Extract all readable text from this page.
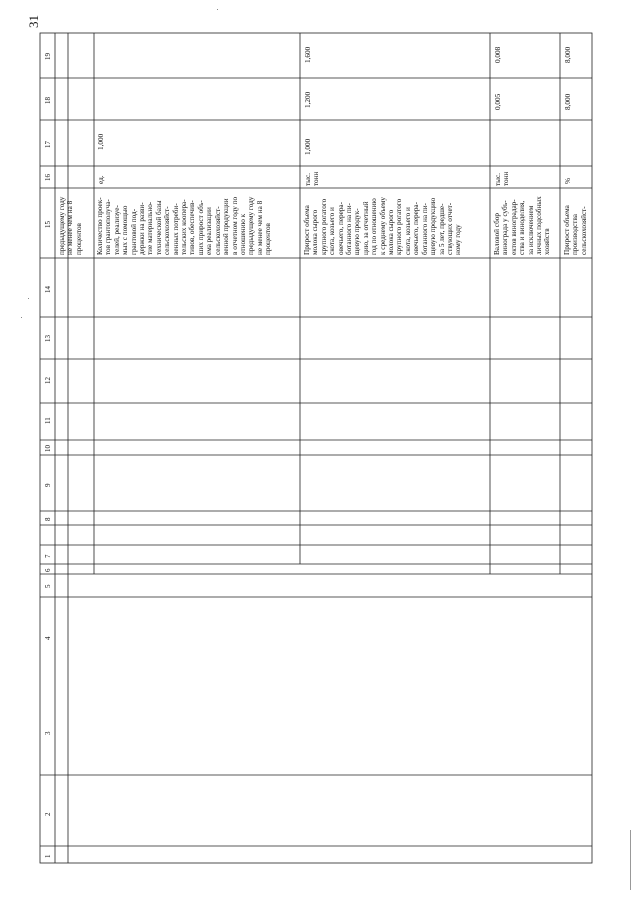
31
1
2
3
4
5
6
7
8
9
10
11
12
13
14
15
16
17
18
19
предыдущему году не менее чем на 8 процентов Количество проек- тов грантополуча- телей, реализуе- мых с помощью грантовой под- держки на разви- тие материально- технической базы сельскохозяйст- венных потреби- тельских коопера- тивов, обеспечив- ших прирост объ- ема реализации сельскохозяйст- венной продукции в отчетном году по отношению к предыдущему году не менее чем на 8 процентов
ед.
1,000
Прирост объема молока сырого крупного рогатого скота, козьего и овечьего, перера- ботанного на пи- щевую продук- цию, за отчетный год по отношению к среднему объему молока сырого крупного рогатого скота, козьего и овечьего, перера- ботанного на пи- щевую продукцию за 5 лет, предше- ствующих отчет- ному году
тыс. тонн
1,000
1,200
1,600
Валовой сбор винограда у субъ- ектов виноградар- ства и виноделия, за исключением личных подсобных хозяйств
тыс. тонн
0,005
0,008
Прирост объема производства сельскохозяйст-
%
8,000
8,000
